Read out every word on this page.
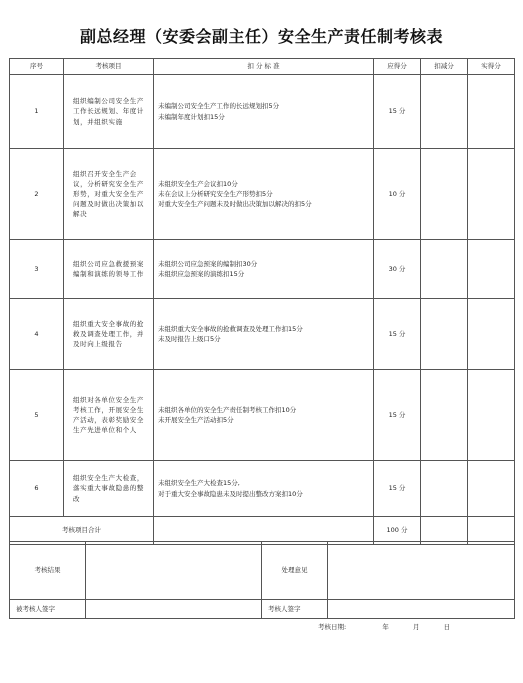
副总经理（安委会副主任）安全生产责任制考核表
序号	考核项目	扣 分 标 准	应得分	扣减分	实得分
1	组织编制公司安全生产工作长远规划、年度计划，并组织实施	未编制公司安全生产工作的长远规划扣5分
未编制年度计划扣15分	15 分		
2	组织召开安全生产会议，分析研究安全生产形势，对重大安全生产问题及时做出决策加以解决	未组织安全生产会议扣10分
未在会议上分析研究安全生产形势扣5分
对重大安全生产问题未及时做出决策加以解决的扣5分	10 分		
3	组织公司应急救援预案编制和演练的领导工作	未组织公司应急预案的编制扣30分
未组织应急预案的演练扣15分	30 分		
4	组织重大安全事故的抢救及调查处理工作，并及时向上级报告	未组织重大安全事故的抢救调查及处理工作扣15分
未及时报告上级口5分	15 分		
5	组织对各单位安全生产考核工作，开展安全生产活动，表彰奖励安全生产先进单位和个人	未组织各单位的安全生产责任制考核工作扣10分
未开展安全生产活动扣5分	15 分		
6	组织安全生产大检查，落实重大事故隐患的整改	未组织安全生产大检查15分,
对于重大安全事故隐患未及时提出整改方案扣10分	15 分		
考核项目合计			100 分		
考核结果		处理意见	
被考核人签字		考核人签字	
考核日期:	年	月	日
